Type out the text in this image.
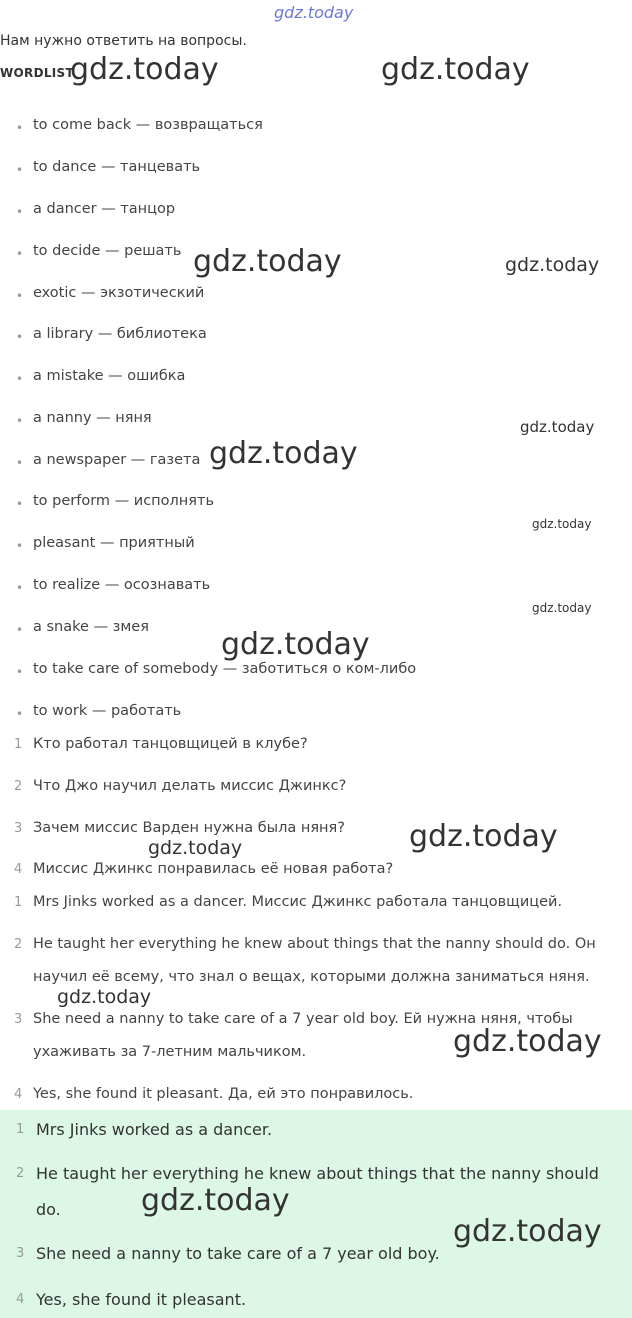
gdz.today
Нам нужно ответить на вопросы.
WORDLIST
• to come back — возвращаться
• to dance — танцевать
• a dancer — танцор
• to decide — решать
• exotic — экзотический
• a library — библиотека
• a mistake — ошибка
• a nanny — няня
• a newspaper — газета
• to perform — исполнять
• pleasant — приятный
• to realize — осознавать
• a snake — змея
• to take care of somebody — заботиться о ком-либо
• to work — работать
1 Кто работал танцовщицей в клубе?
2 Что Джо научил делать миссис Джинкс?
3 Зачем миссис Варден нужна была няня?
4 Миссис Джинкс понравилась её новая работа?
1 Mrs Jinks worked as a dancer. Миссис Джинкс работала танцовщицей.
2 He taught her everything he knew about things that the nanny should do. Он
научил её всему, что знал о вещах, которыми должна заниматься няня.
3 She need a nanny to take care of a 7 year old boy. Ей нужна няня, чтобы
ухаживать за 7-летним мальчиком.
4 Yes, she found it pleasant. Да, ей это понравилось.
1 Mrs Jinks worked as a dancer.
2 He taught her everything he knew about things that the nanny should
do.
3 She need a nanny to take care of a 7 year old boy.
4 Yes, she found it pleasant.
gdz.today	gdz.today
gdz.today	gdz.today
gdz.today
gdz.today
gdz.today
gdz.today
gdz.today
gdz.today
gdz.today
gdz.today
gdz.today
gdz.today
gdz.today
